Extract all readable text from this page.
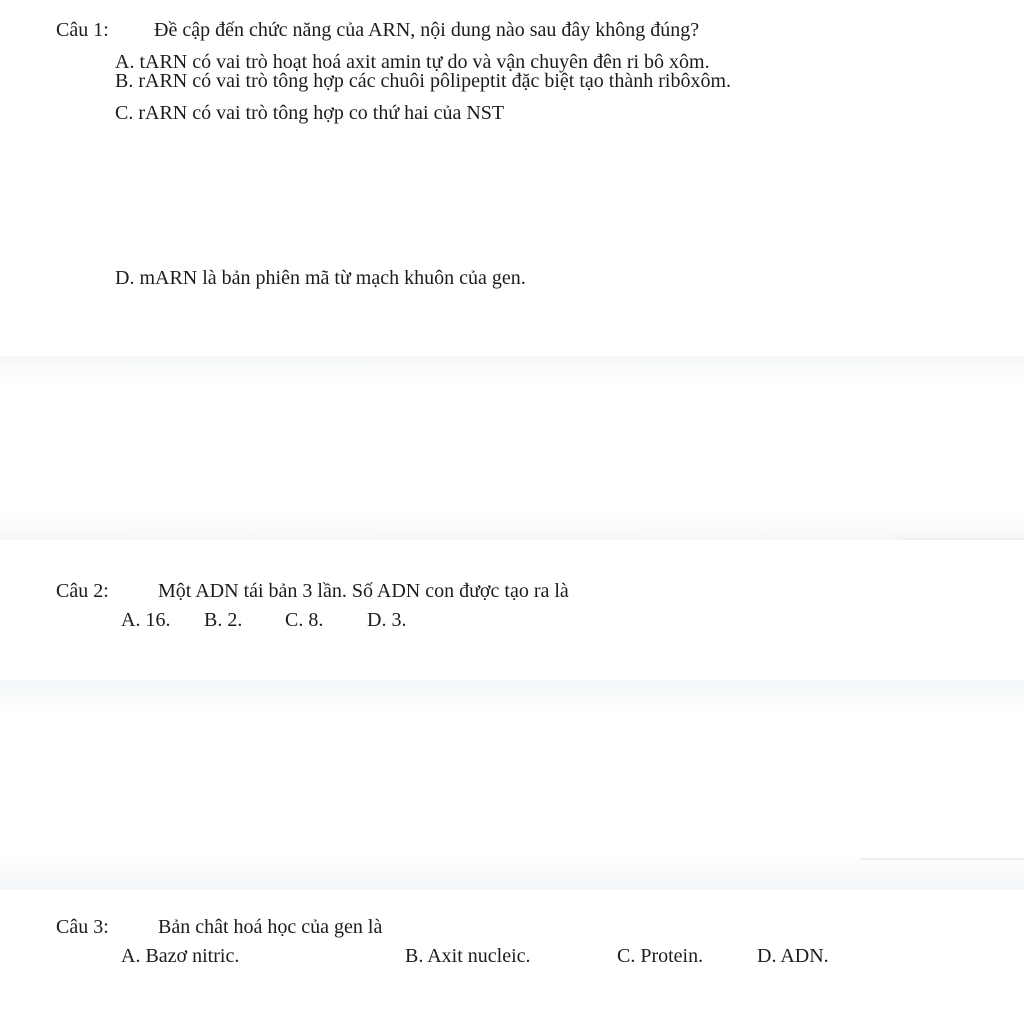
Câu 1: Đề cập đến chức năng của ARN, nội dung nào sau đây không đúng?
A. tARN có vai trò hoạt hoá axit amin tự do và vận chuyên đên ri bô xôm.
B. rARN có vai trò tông hợp các chuôi pôlipeptit đặc biệt tạo thành ribôxôm.
C. rARN có vai trò tông hợp co thứ hai của NST
D. mARN là bản phiên mã từ mạch khuôn của gen.
Câu 2: Một ADN tái bản 3 lần. Số ADN con được tạo ra là
A. 16. B. 2. C. 8. D. 3.
Câu 3: Bản chât hoá học của gen là
A. Bazơ nitric.	B. Axit nucleic.	C. Protein.	D. ADN.
